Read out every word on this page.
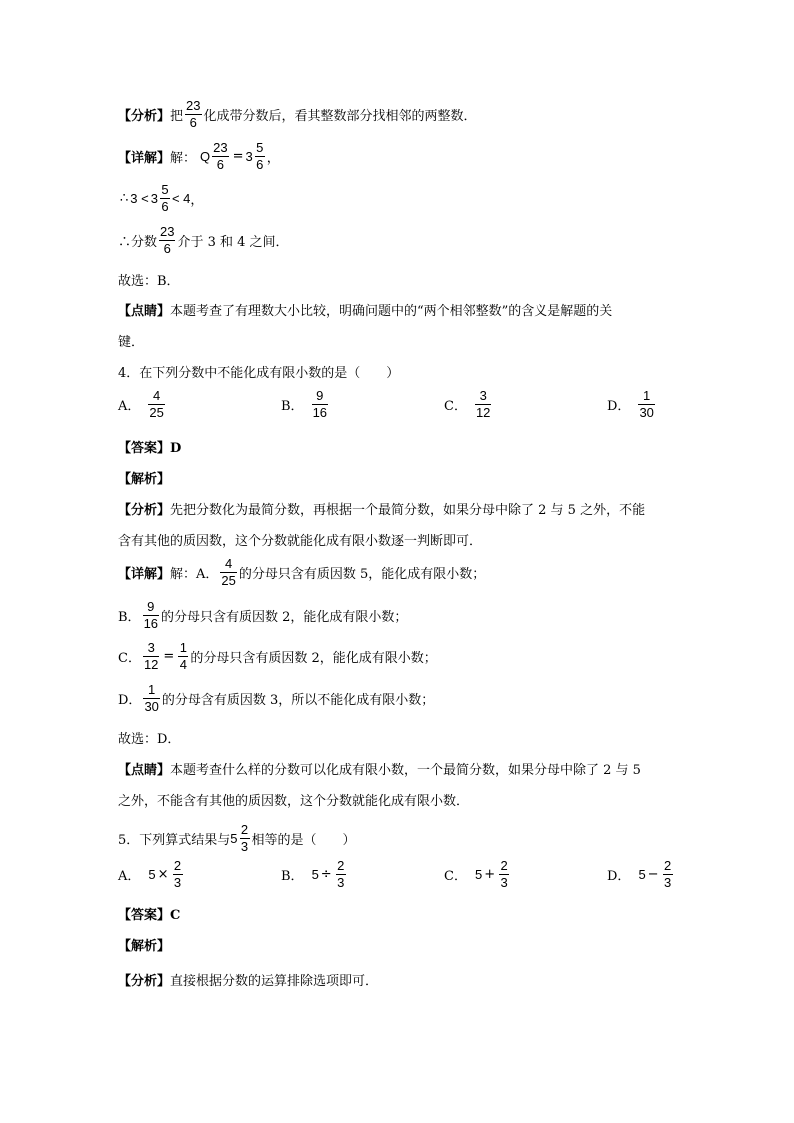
【分析】 把 $\frac{23}{6}$ 化成带分数后，看其整数部分找相邻的两整数．
【详解】 解： Q $\frac{23}{6} = 3 \frac{5}{6}$ ，
∴ $3 < 3 \frac{5}{6} < 4$ ，
∴分数 $\frac{23}{6}$ 介于 3 和 4 之间．
故选：B．
【点睛】 本题考查了有理数大小比较，明确问题中的“两个相邻整数”的含义是解题的关
键．
4．在下列分数中不能化成有限小数的是（　　）
A． $\frac{4}{25}$	B． $\frac{9}{16}$	C． $\frac{3}{12}$	D． $\frac{1}{30}$
【答案】D
【解析】
【分析】 先把分数化为最简分数，再根据一个最简分数，如果分母中除了 2 与 5 之外，不能
含有其他的质因数，这个分数就能化成有限小数逐一判断即可．
【详解】 解：A． $\frac{4}{25}$ 的分母只含有质因数 5，能化成有限小数；
B． $\frac{9}{16}$ 的分母只含有质因数 2，能化成有限小数；
C． $\frac{3}{12} = \frac{1}{4}$ 的分母只含有质因数 2，能化成有限小数；
D． $\frac{1}{30}$ 的分母含有质因数 3，所以不能化成有限小数；
故选：D．
【点睛】 本题考查什么样的分数可以化成有限小数，一个最简分数，如果分母中除了 2 与 5
之外，不能含有其他的质因数，这个分数就能化成有限小数．
5．下列算式结果与 $5 \frac{2}{3}$ 相等的是（　　）
A． $5 \times \frac{2}{3}$	B． $5 \div \frac{2}{3}$	C． $5 + \frac{2}{3}$	D． $5 - \frac{2}{3}$
【答案】C
【解析】
【分析】 直接根据分数的运算排除选项即可．
